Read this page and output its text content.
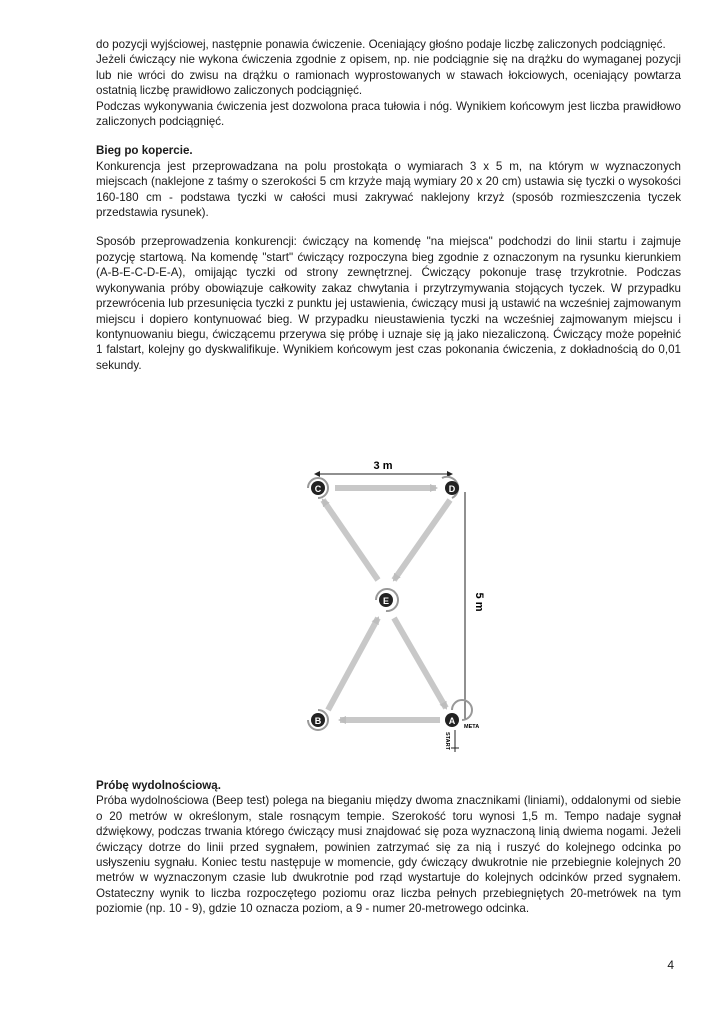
do pozycji wyjściowej, następnie ponawia ćwiczenie. Oceniający głośno podaje liczbę zaliczonych podciągnięć.

Jeżeli ćwiczący nie wykona ćwiczenia zgodnie z opisem, np. nie podciągnie się na drążku do wymaganej pozycji lub nie wróci do zwisu na drążku o ramionach wyprostowanych w stawach łokciowych, oceniający powtarza ostatnią liczbę prawidłowo zaliczonych podciągnięć.

Podczas wykonywania ćwiczenia jest dozwolona praca tułowia i nóg. Wynikiem końcowym jest liczba prawidłowo zaliczonych podciągnięć.

Bieg po kopercie.

Konkurencja jest przeprowadzana na polu prostokąta o wymiarach 3 x 5 m, na którym w wyznaczonych miejscach (naklejone z taśmy o szerokości 5 cm krzyże mają wymiary 20 x 20 cm) ustawia się tyczki o wysokości 160-180 cm - podstawa tyczki w całości musi zakrywać naklejony krzyż (sposób rozmieszczenia tyczek przedstawia rysunek).

Sposób przeprowadzenia konkurencji: ćwiczący na komendę "na miejsca" podchodzi do linii startu i zajmuje pozycję startową. Na komendę "start" ćwiczący rozpoczyna bieg zgodnie z oznaczonym na rysunku kierunkiem (A-B-E-C-D-E-A), omijając tyczki od strony zewnętrznej. Ćwiczący pokonuje trasę trzykrotnie. Podczas wykonywania próby obowiązuje całkowity zakaz chwytania i przytrzymywania stojących tyczek. W przypadku przewrócenia lub przesunięcia tyczki z punktu jej ustawienia, ćwiczący musi ją ustawić na wcześniej zajmowanym miejscu i dopiero kontynuować bieg. W przypadku nieustawienia tyczki na wcześniej zajmowanym miejscu i kontynuowaniu biegu, ćwiczącemu przerywa się próbę i uznaje się ją jako niezaliczoną. Ćwiczący może popełnić 1 falstart, kolejny go dyskwalifikuje. Wynikiem końcowym jest czas pokonania ćwiczenia, z dokładnością do 0,01 sekundy.

3 m
5 m
C	D
E
B	A
META
START

Próbę wydolnościową.

Próba wydolnościowa (Beep test) polega na bieganiu między dwoma znacznikami (liniami), oddalonymi od siebie o 20 metrów w określonym, stale rosnącym tempie. Szerokość toru wynosi 1,5 m. Tempo nadaje sygnał dźwiękowy, podczas trwania którego ćwiczący musi znajdować się poza wyznaczoną linią dwiema nogami. Jeżeli ćwiczący dotrze do linii przed sygnałem, powinien zatrzymać się za nią i ruszyć do kolejnego odcinka po usłyszeniu sygnału. Koniec testu następuje w momencie, gdy ćwiczący dwukrotnie nie przebiegnie kolejnych 20 metrów w wyznaczonym czasie lub dwukrotnie pod rząd wystartuje do kolejnych odcinków przed sygnałem. Ostateczny wynik to liczba rozpoczętego poziomu oraz liczba pełnych przebiegniętych 20-metrówek na tym poziomie (np. 10 - 9), gdzie 10 oznacza poziom, a 9 - numer 20-metrowego odcinka.

4
